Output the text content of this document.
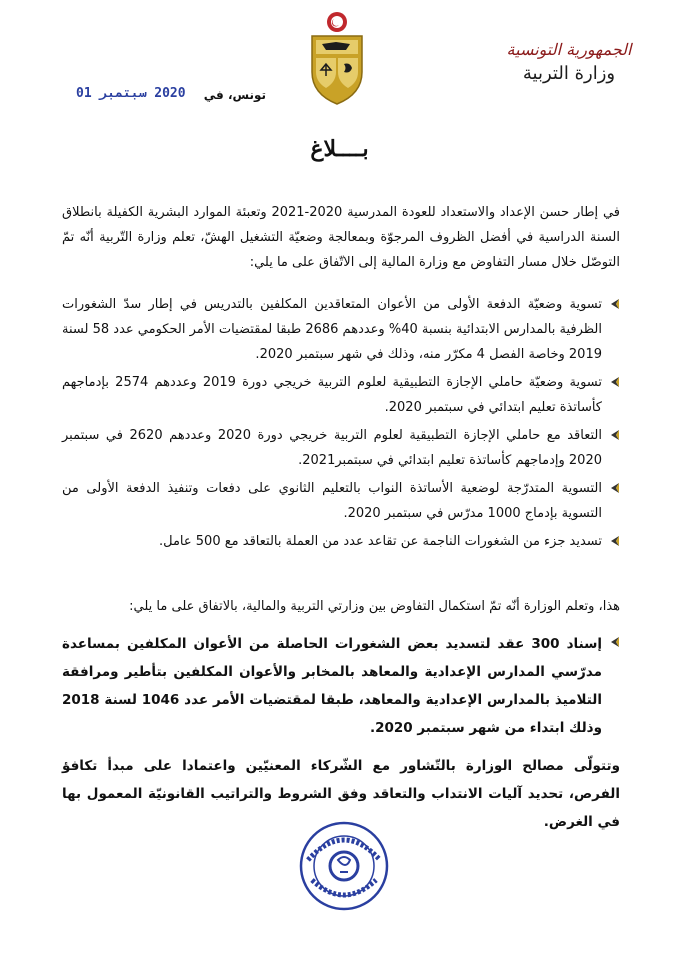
الجمهورية التونسية
وزارة التربية
تونس، في
2020 سبتمبر 01
بــــلاغ
في إطار حسن الإعداد والاستعداد للعودة المدرسية 2020-2021 وتعبئة الموارد البشرية الكفيلة بانطلاق السنة الدراسية في أفضل الظروف المرجوّة وبمعالجة وضعيّة التشغيل الهشّ، تعلم وزارة التّربية أنّه تمّ التوصّل خلال مسار التفاوض مع وزارة المالية إلى الاتّفاق على ما يلي:
تسوية وضعيّة الدفعة الأولى من الأعوان المتعاقدين المكلفين بالتدريس في إطار سدّ الشغورات الظرفية بالمدارس الابتدائية بنسبة 40% وعددهم 2686 طبقا لمقتضيات الأمر الحكومي عدد 58 لسنة 2019 وخاصة الفصل 4 مكرّر منه، وذلك في شهر سبتمبر 2020.
تسوية وضعيّة حاملي الإجازة التطبيقية لعلوم التربية خريجي دورة 2019 وعددهم 2574 بإدماجهم كأساتذة تعليم ابتدائي في سبتمبر 2020.
التعاقد مع حاملي الإجازة التطبيقية لعلوم التربية خريجي دورة 2020 وعددهم 2620 في سبتمبر 2020 وإدماجهم كأساتذة تعليم ابتدائي في سبتمبر2021.
التسوية المتدرّجة لوضعية الأساتذة النواب بالتعليم الثانوي على دفعات وتنفيذ الدفعة الأولى من التسوية بإدماج 1000 مدرّس في سبتمبر 2020.
تسديد جزء من الشغورات الناجمة عن تقاعد عدد من العملة بالتعاقد مع 500 عامل.
هذا، وتعلم الوزارة أنّه تمّ استكمال التفاوض بين وزارتي التربية والمالية، بالاتفاق على ما يلي:
إسناد 300 عقد لتسديد بعض الشغورات الحاصلة من الأعوان المكلفين بمساعدة مدرّسي المدارس الإعدادية والمعاهد بالمخابر والأعوان المكلفين بتأطير ومرافقة التلاميذ بالمدارس الإعدادية والمعاهد، طبقا لمقتضيات الأمر عدد 1046 لسنة 2018 وذلك ابتداء من شهر سبتمبر 2020.
وتتولّى مصالح الوزارة بالتّشاور مع الشّركاء المعنيّين واعتمادا على مبدأ تكافؤ الفرص، تحديد آليات الانتداب والتعاقد وفق الشروط والتراتيب القانونيّة المعمول بها في الغرض.
